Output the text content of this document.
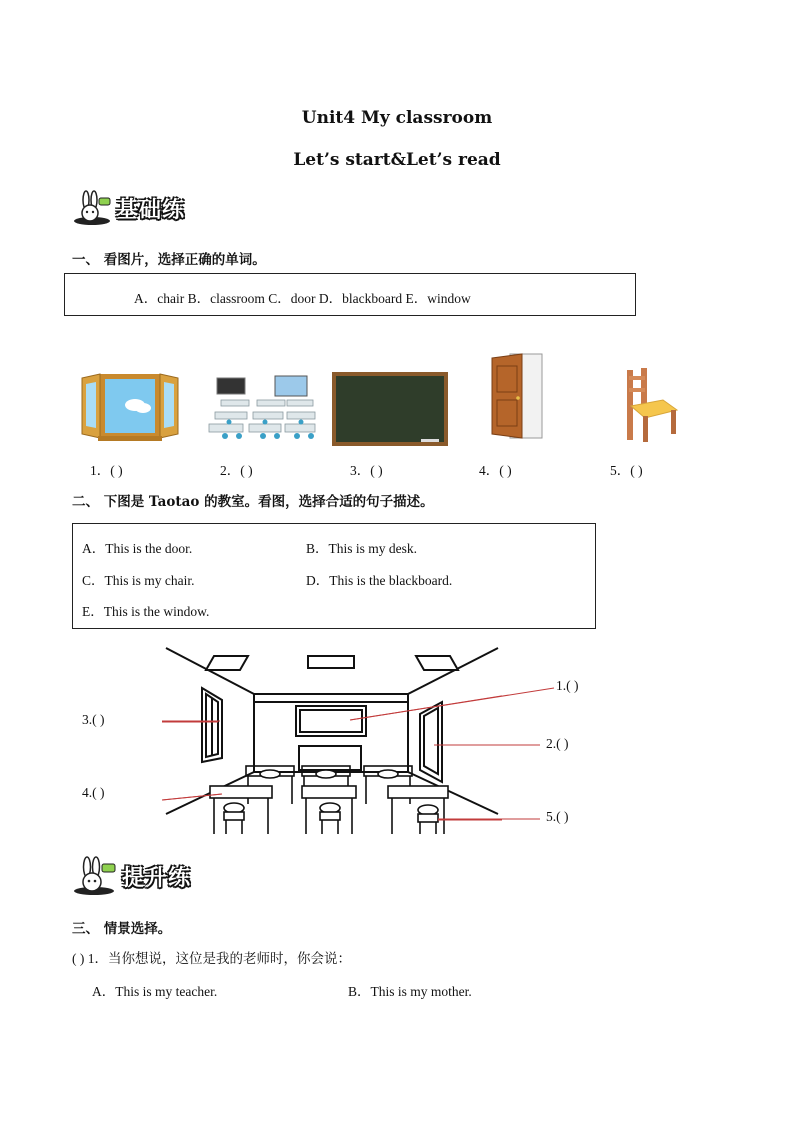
Unit4 My classroom
Let’s start&Let’s read
基础练
一、 看图片，选择正确的单词。
A．chair B．classroom C．door D．blackboard E．window
1．( )	2．( )	3．( )	4．( )	5．( )
二、 下图是 Taotao 的教室。看图，选择合适的句子描述。
A．This is the door.	B．This is my desk.
C．This is my chair.	D．This is the blackboard.
E．This is the window.
1.( )
2.( )
3.( )
4.( )
5.( )
提升练
三、 情景选择。
( ) 1．当你想说，这位是我的老师时，你会说：
A．This is my teacher.	B．This is my mother.
